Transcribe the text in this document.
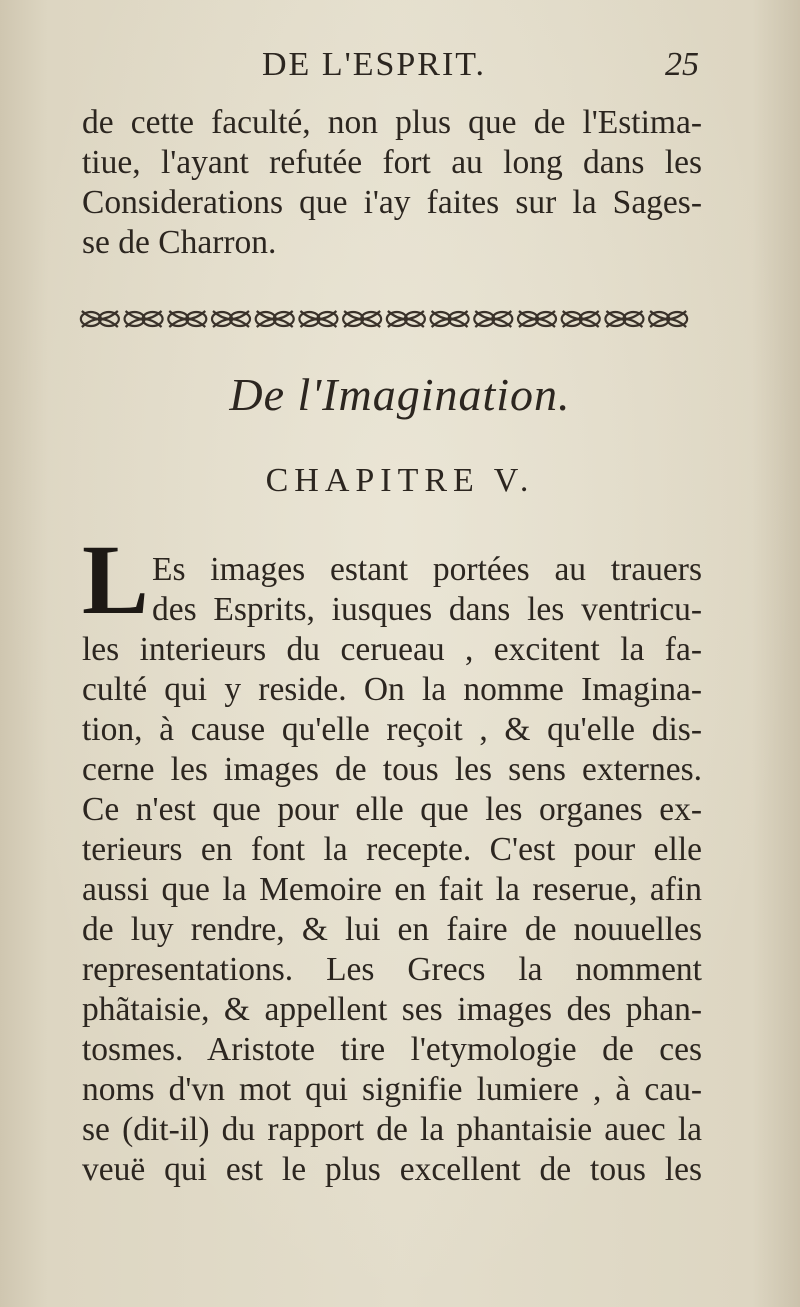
DE L'ESPRIT.	25
de cette faculté, non plus que de l'Estima-
tiue, l'ayant refutée fort au long dans les
Considerations que i'ay faites sur la Sages-
se de Charron.
De l'Imagination.
CHAPITRE V.
L Es images estant portées au trauers
des Esprits, iusques dans les ventricu-
les interieurs du cerueau , excitent la fa-
culté qui y reside. On la nomme Imagina-
tion, à cause qu'elle reçoit , & qu'elle dis-
cerne les images de tous les sens externes.
Ce n'est que pour elle que les organes ex-
terieurs en font la recepte. C'est pour elle
aussi que la Memoire en fait la reserue, afin
de luy rendre, & lui en faire de nouuelles
representations. Les Grecs la nomment
phãtaisie, & appellent ses images des phan-
tosmes. Aristote tire l'etymologie de ces
noms d'vn mot qui signifie lumiere , à cau-
se (dit-il) du rapport de la phantaisie auec la
veuë qui est le plus excellent de tous les
